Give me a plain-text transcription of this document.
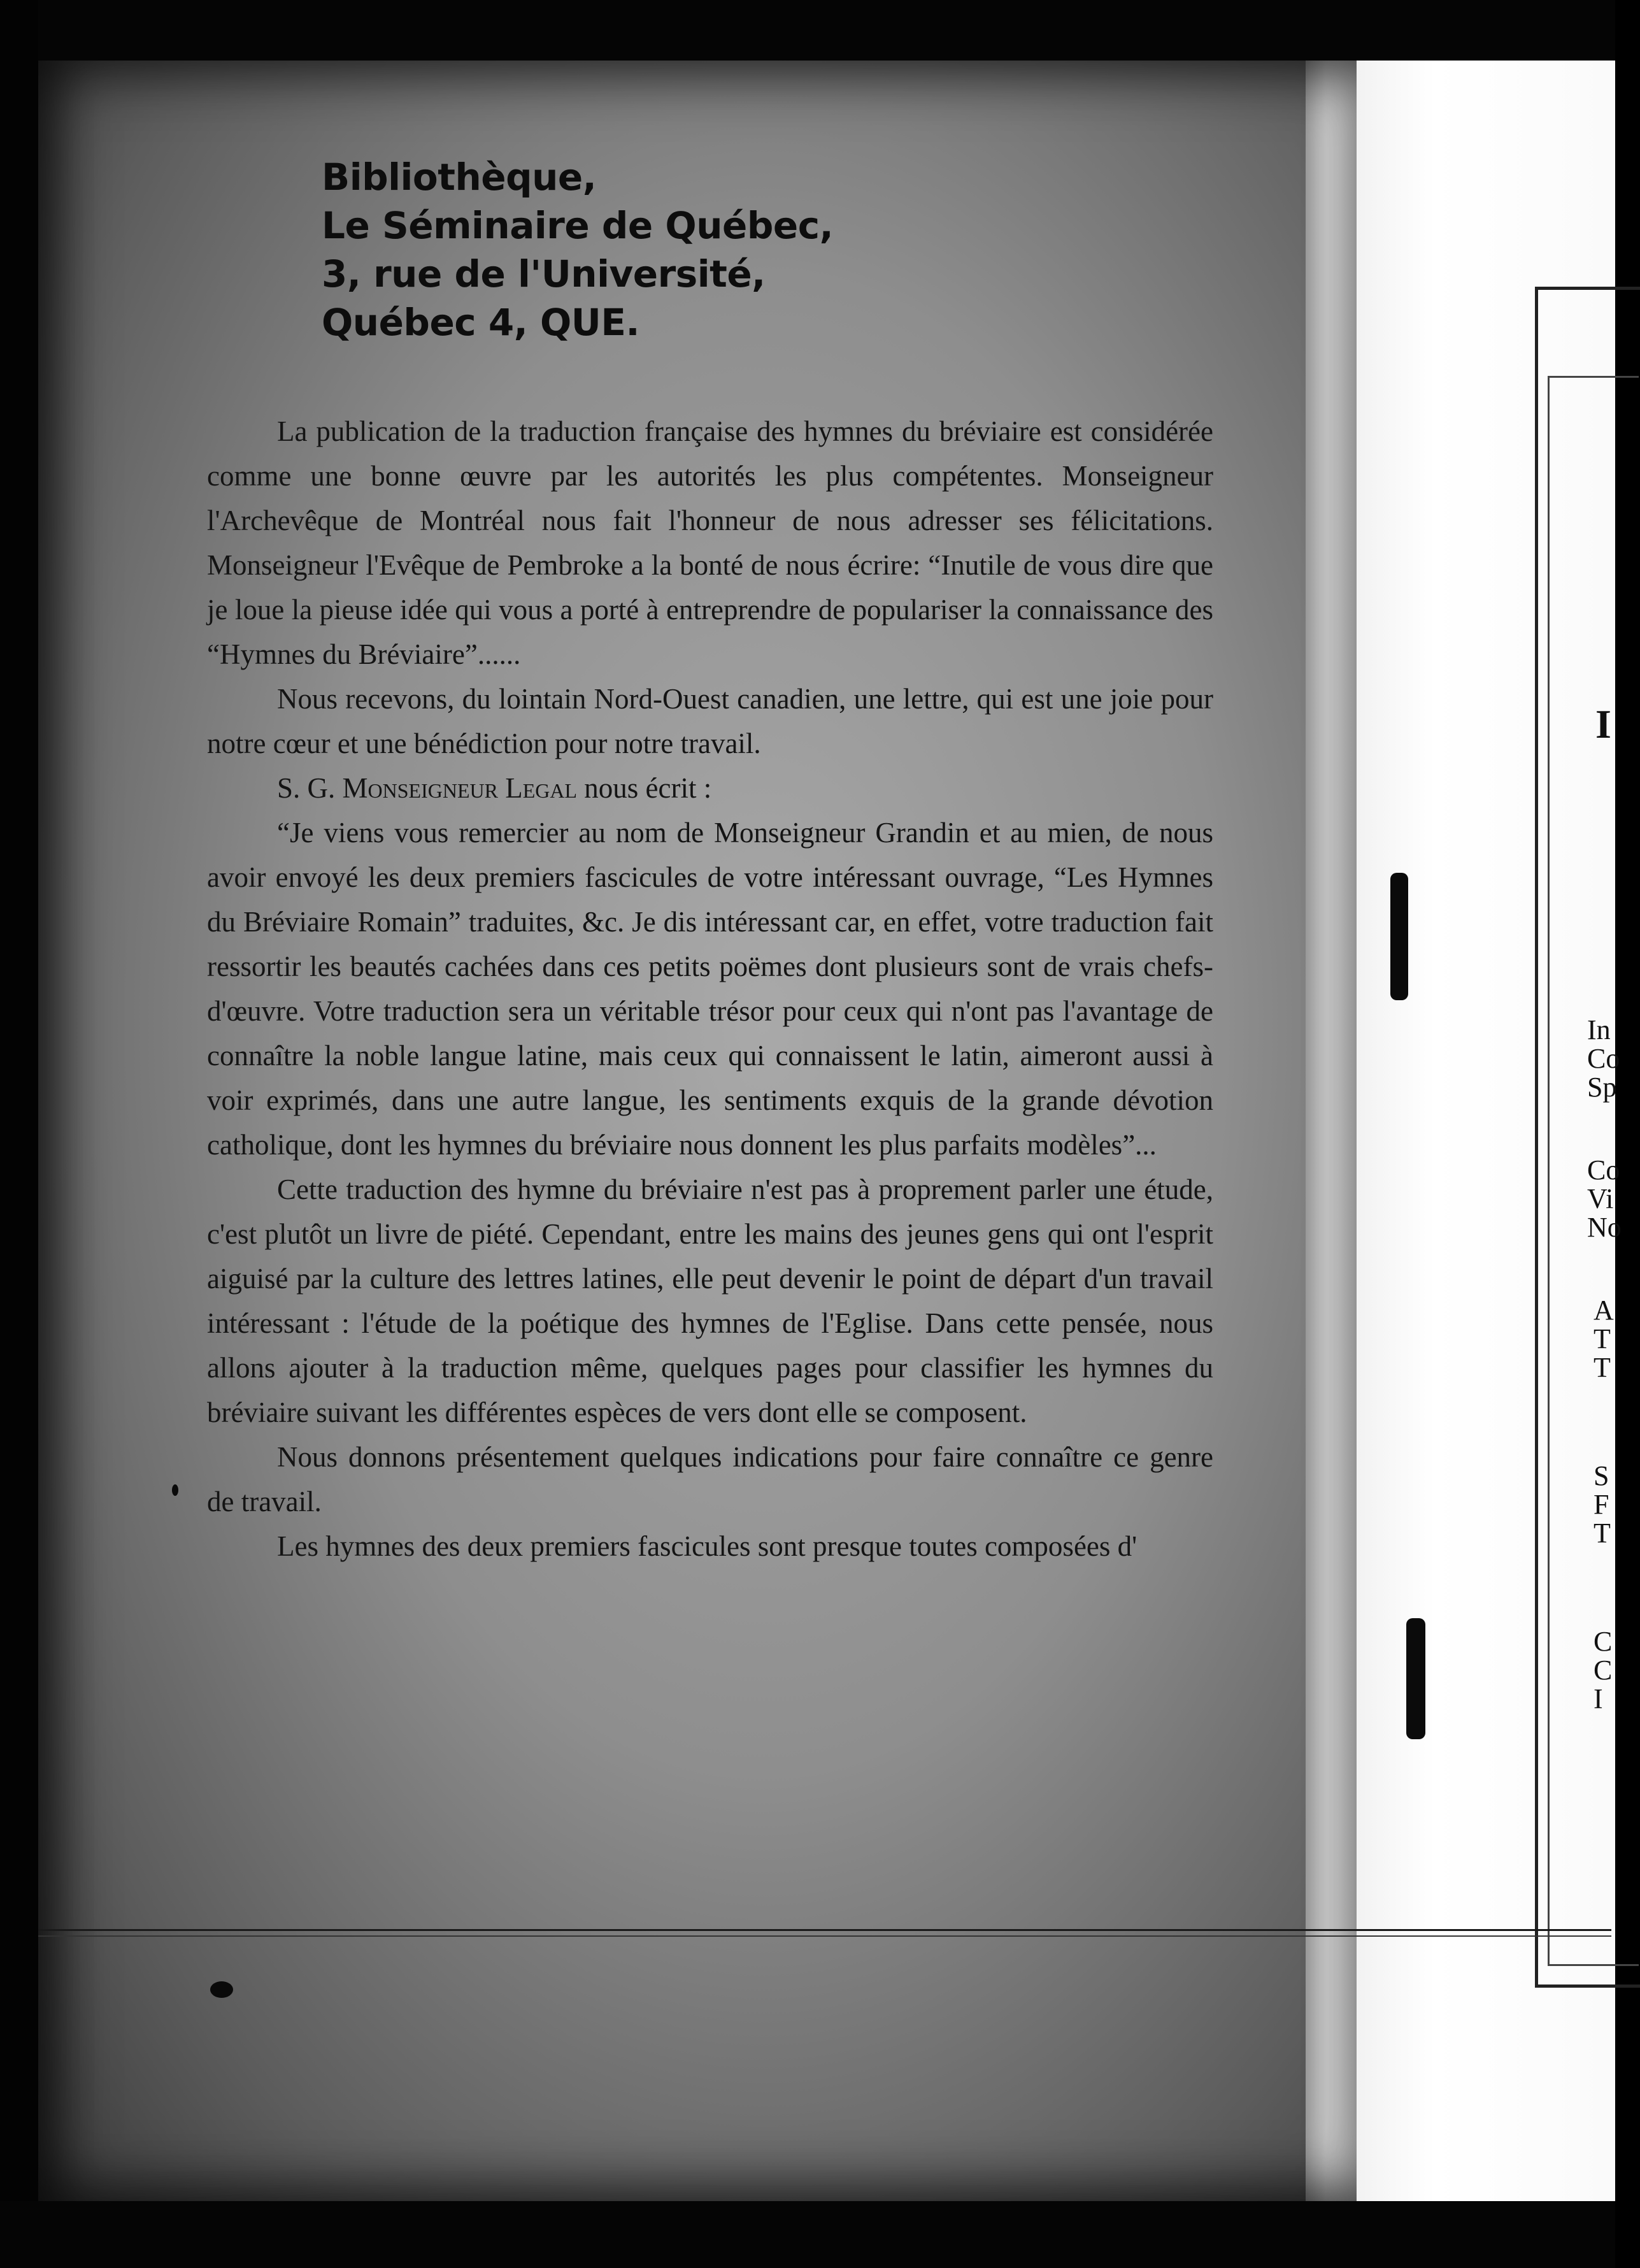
I
In
Co
Sp
Co
Vi
No
A
T
T
S
F
T
C
C
I
Bibliothèque,
Le Séminaire de Québec,
3, rue de l'Université,
Québec 4, QUE.

La publication de la traduction française des hymnes du bréviaire est considérée comme une bonne œuvre par les autorités les plus compétentes. Monseigneur l'Archevêque de Montréal nous fait l'honneur de nous adresser ses félicitations. Monseigneur l'Evêque de Pembroke a la bonté de nous écrire: “Inutile de vous dire que je loue la pieuse idée qui vous a porté à entreprendre de populariser la connaissance des “Hymnes du Bréviaire”......

Nous recevons, du lointain Nord-Ouest canadien, une lettre, qui est une joie pour notre cœur et une bénédiction pour notre travail.

S. G. Monseigneur Legal nous écrit :

“Je viens vous remercier au nom de Monseigneur Grandin et au mien, de nous avoir envoyé les deux premiers fascicules de votre intéressant ouvrage, “Les Hymnes du Bréviaire Romain” traduites, &c. Je dis intéressant car, en effet, votre traduction fait ressortir les beautés cachées dans ces petits poëmes dont plusieurs sont de vrais chefs-d'œuvre. Votre traduction sera un véritable trésor pour ceux qui n'ont pas l'avantage de connaître la noble langue latine, mais ceux qui connaissent le latin, aimeront aussi à voir exprimés, dans une autre langue, les sentiments exquis de la grande dévotion catholique, dont les hymnes du bréviaire nous donnent les plus parfaits modèles”...

Cette traduction des hymne du bréviaire n'est pas à proprement parler une étude, c'est plutôt un livre de piété. Cependant, entre les mains des jeunes gens qui ont l'esprit aiguisé par la culture des lettres latines, elle peut devenir le point de départ d'un travail intéressant : l'étude de la poétique des hymnes de l'Eglise. Dans cette pensée, nous allons ajouter à la traduction même, quelques pages pour classifier les hymnes du bréviaire suivant les différentes espèces de vers dont elle se composent.

Nous donnons présentement quelques indications pour faire connaître ce genre de travail.

Les hymnes des deux premiers fascicules sont presque toutes composées d'
